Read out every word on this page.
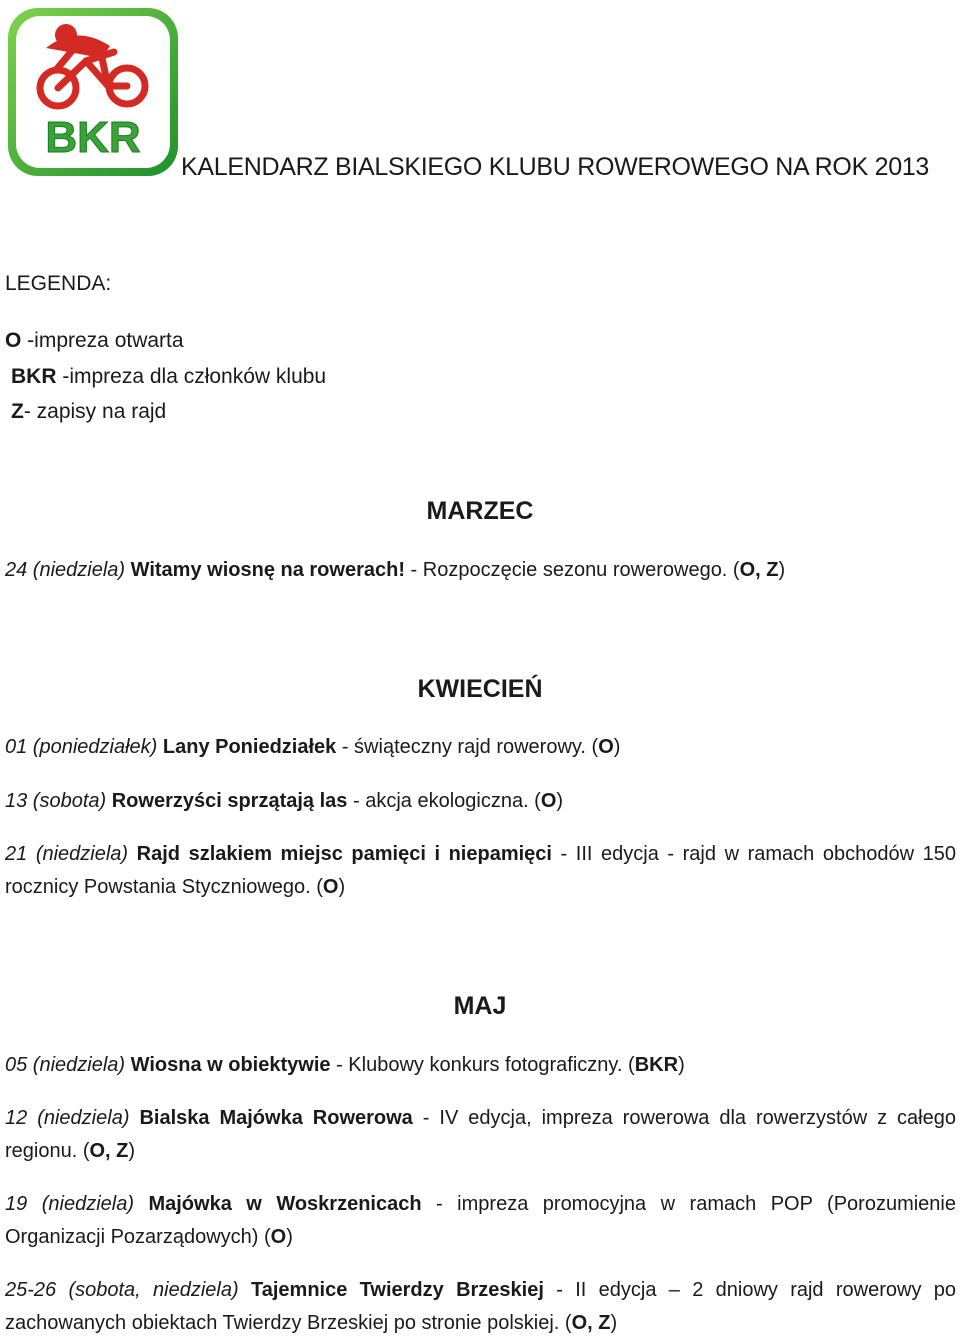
BKR
KALENDARZ BIALSKIEGO KLUBU ROWEROWEGO NA ROK 2013
LEGENDA:
O -impreza otwarta
BKR -impreza dla członków klubu
Z- zapisy na rajd
MARZEC
24 (niedziela) Witamy wiosnę na rowerach! - Rozpoczęcie sezonu rowerowego. (O, Z)
KWIECIEŃ
01 (poniedziałek) Lany Poniedziałek - świąteczny rajd rowerowy. (O)
13 (sobota) Rowerzyści sprzątają las - akcja ekologiczna. (O)
21 (niedziela) Rajd szlakiem miejsc pamięci i niepamięci - III edycja - rajd w ramach obchodów 150 rocznicy Powstania Styczniowego. (O)
MAJ
05 (niedziela) Wiosna w obiektywie - Klubowy konkurs fotograficzny. (BKR)
12 (niedziela) Bialska Majówka Rowerowa - IV edycja, impreza rowerowa dla rowerzystów z całego regionu. (O, Z)
19 (niedziela) Majówka w Woskrzenicach - impreza promocyjna w ramach POP (Porozumienie Organizacji Pozarządowych) (O)
25-26 (sobota, niedziela) Tajemnice Twierdzy Brzeskiej - II edycja – 2 dniowy rajd rowerowy po zachowanych obiektach Twierdzy Brzeskiej po stronie polskiej. (O, Z)
